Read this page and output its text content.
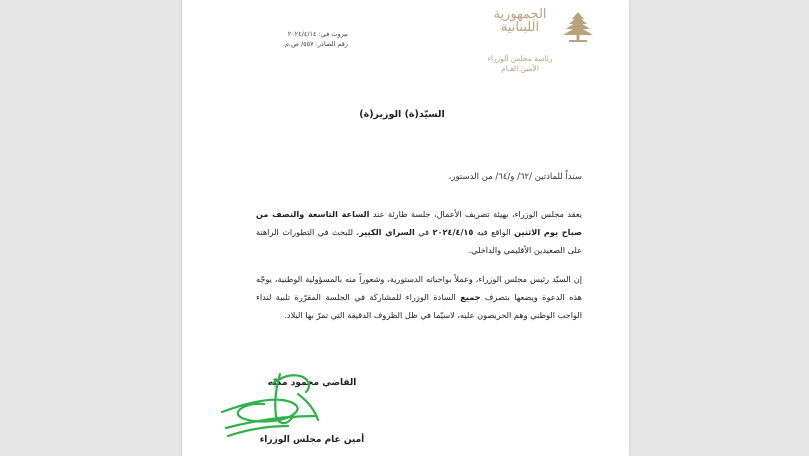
الجمهورية
اللبنانية
رئاسة مجلس الوزراء
الأمين العـام
بيروت في: ٢٠٢٤/٤/١٤
رقم الصادر: ٥٥٧/ ص.م.
السيّد(ة) الوزير(ة)
سنداً للمادتين /٦٢/ و/٦٤/ من الدستور،
يعقد مجلس الوزراء، بهيئة تصريف الأعمال، جلسة طارئة عند الساعة التاسعة والنصف من صباح يوم الاثنين الواقع فيه ٢٠٢٤/٤/١٥ في السراي الكبير، للبحث في التطورات الراهنة على الصعيدين الأقليمي والداخلي.
إن السيّد رئيس مجلس الوزراء، وعملاً بواجباته الدستورية، وشعوراً منه بالمسؤولية الوطنية، يوجّه هذه الدعوة ويضعها بتصرف جميع السادة الوزراء للمشاركة في الجلسة المقرّرة تلبية لنداء الواجب الوطني وهم الحريصون عليه، لاسيّما في ظل الظروف الدقيقة التي تمرّ بها البلاد.
القاضي محمود مكيّه
أمين عام مجلس الوزراء
